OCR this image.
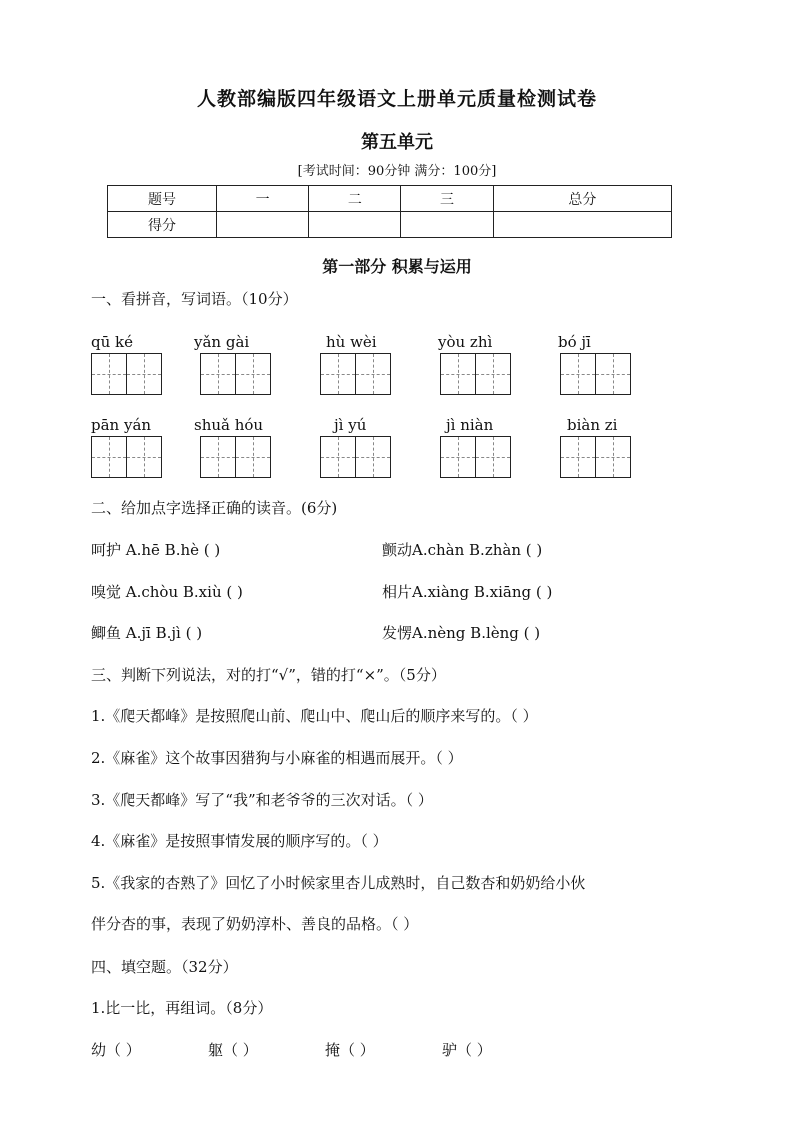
人教部编版四年级语文上册单元质量检测试卷
第五单元
[考试时间：90分钟 满分：100分]
题号	一	二	三	总分
得分				
第一部分 积累与运用
一、看拼音，写词语。（10分）
qū ké	yǎn gài	hù wèi	yòu zhì	bó jī
pān yán	shuǎ hóu	jì yú	jì niàn	biàn zi
二、给加点字选择正确的读音。(6分)
呵护 A.hē B.hè ( )	颤动A.chàn B.zhàn ( )
嗅觉 A.chòu B.xiù ( )	相片A.xiàng B.xiāng ( )
鲫鱼 A.jī B.jì ( )	发愣A.nèng B.lèng ( )
三、判断下列说法，对的打“√”，错的打“×”。（5分）
1.《爬天都峰》是按照爬山前、爬山中、爬山后的顺序来写的。（ ）
2.《麻雀》这个故事因猎狗与小麻雀的相遇而展开。（ ）
3.《爬天都峰》写了“我”和老爷爷的三次对话。（ ）
4.《麻雀》是按照事情发展的顺序写的。（ ）
5.《我家的杏熟了》回忆了小时候家里杏儿成熟时，自己数杏和奶奶给小伙
伴分杏的事，表现了奶奶淳朴、善良的品格。（ ）
四、填空题。（32分）
1.比一比，再组词。（8分）
幼（ ）	躯（ ）	掩（ ）	驴（ ）
